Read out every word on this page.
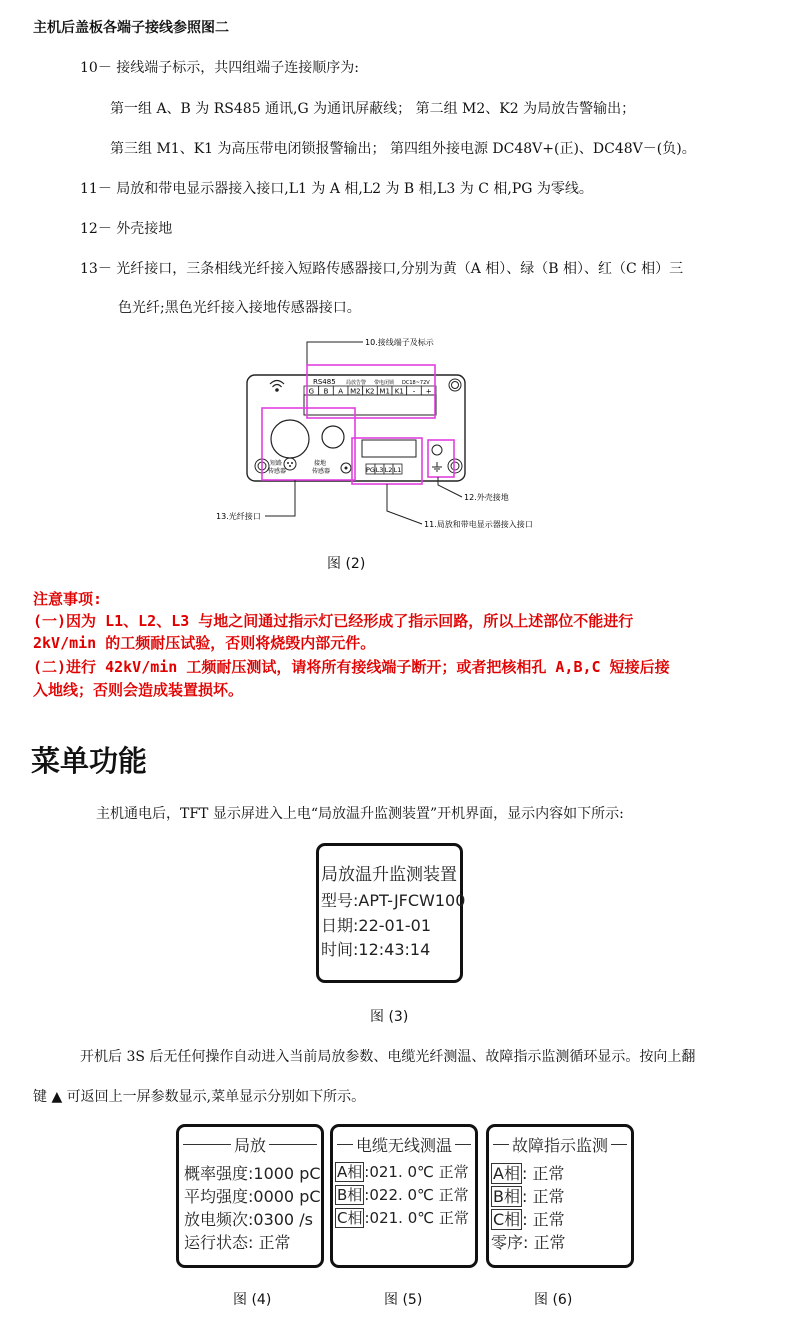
主机后盖板各端子接线参照图二
10－ 接线端子标示，共四组端子连接顺序为:
第一组 A、B 为 RS485 通讯,G 为通讯屏蔽线； 第二组 M2、K2 为局放告警输出；
第三组 M1、K1 为高压带电闭锁报警输出； 第四组外接电源 DC48V+(正)、DC48V－(负)。
11－ 局放和带电显示器接入接口,L1 为 A 相,L2 为 B 相,L3 为 C 相,PG 为零线。
12－ 外壳接地
13－ 光纤接口，三条相线光纤接入短路传感器接口,分别为黄（A 相）、绿（B 相）、红（C 相）三
色光纤;黑色光纤接入接地传感器接口。
10.接线端子及标示
RS485 局放告警 带电闭锁 DC18~72V
G B A M2 K2 M1 K1 - +
短路
传感器
接地
传感器	PG L3 L2 L1
12.外壳接地
13.光纤接口
11.局放和带电显示器接入接口
图 (2)
注意事项:
(一)因为 L1、L2、L3 与地之间通过指示灯已经形成了指示回路，所以上述部位不能进行
2kV/min 的工频耐压试验，否则将烧毁内部元件。
(二)进行 42kV/min 工频耐压测试，请将所有接线端子断开；或者把核相孔 A,B,C 短接后接
入地线；否则会造成装置损坏。
菜单功能
主机通电后，TFT 显示屏进入上电“局放温升监测装置”开机界面，显示内容如下所示:
局放温升监测装置
型号:APT-JFCW100
日期:22-01-01
时间:12:43:14
图 (3)
开机后 3S 后无任何操作自动进入当前局放参数、电缆光纤测温、故障指示监测循环显示。按向上翻
键 ▲ 可返回上一屏参数显示,菜单显示分别如下所示。
局放
概率强度:1000 pC
平均强度:0000 pC
放电频次:0300 /s
运行状态: 正常
电缆无线测温
A相 :021. 0℃ 正常
B相 :022. 0℃ 正常
C相 :021. 0℃ 正常
故障指示监测
A相 : 正常
B相 : 正常
C相 : 正常
零序: 正常
图 (4)	图 (5)	图 (6)
